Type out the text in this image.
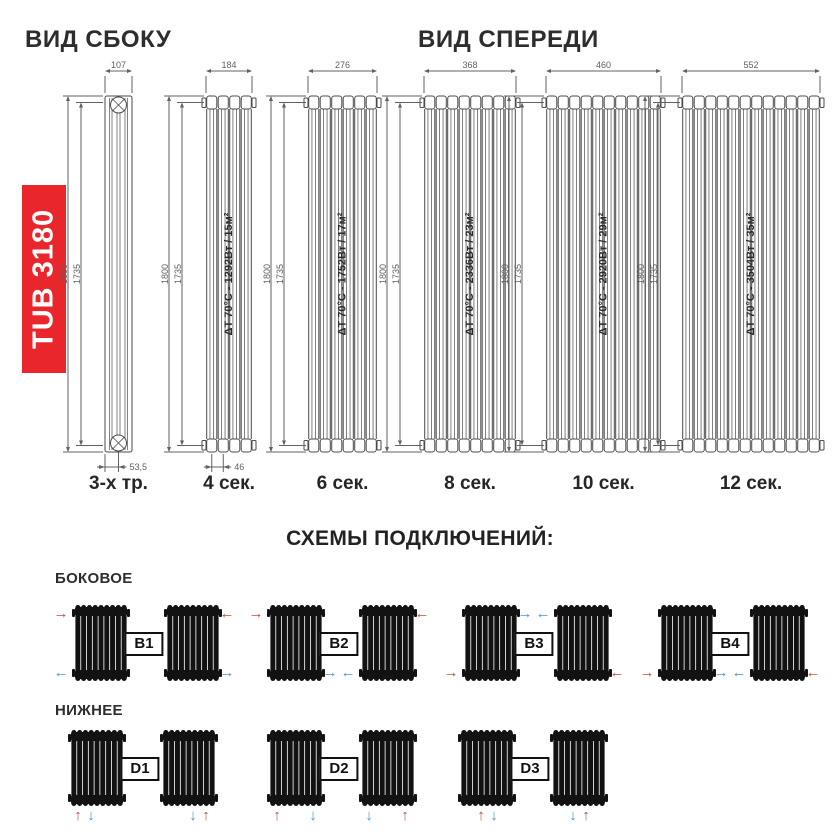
ВИД СБОКУ	ВИД СПЕРЕДИ
TUB 3180
СХЕМЫ ПОДКЛЮЧЕНИЙ:
БОКОВОЕ
НИЖНЕЕ
53,5
107
1800 1735
3-х тр.
ΔТ 70°С - 1292Вт / 15м²
46
184
1800 1735
4 сек.
ΔТ 70°С - 1752Вт / 17м²
276
1800 1735
6 сек.
ΔТ 70°С - 2336Вт / 23м²
368
1800 1735
8 сек.
ΔТ 70°С - 2920Вт / 29м²
460
1800 1735
10 сек.
ΔТ 70°С - 3504Вт / 35м²
552
1800 1735
12 сек.
B1
→
←
←
→
B2
→
→
←
←
B3
→
→
←
←
B4
→	→ ←	←
D1
↑ ↓	↓ ↑
D2
↑	↓	↓	↑
D3
↑ ↓	↓ ↑
